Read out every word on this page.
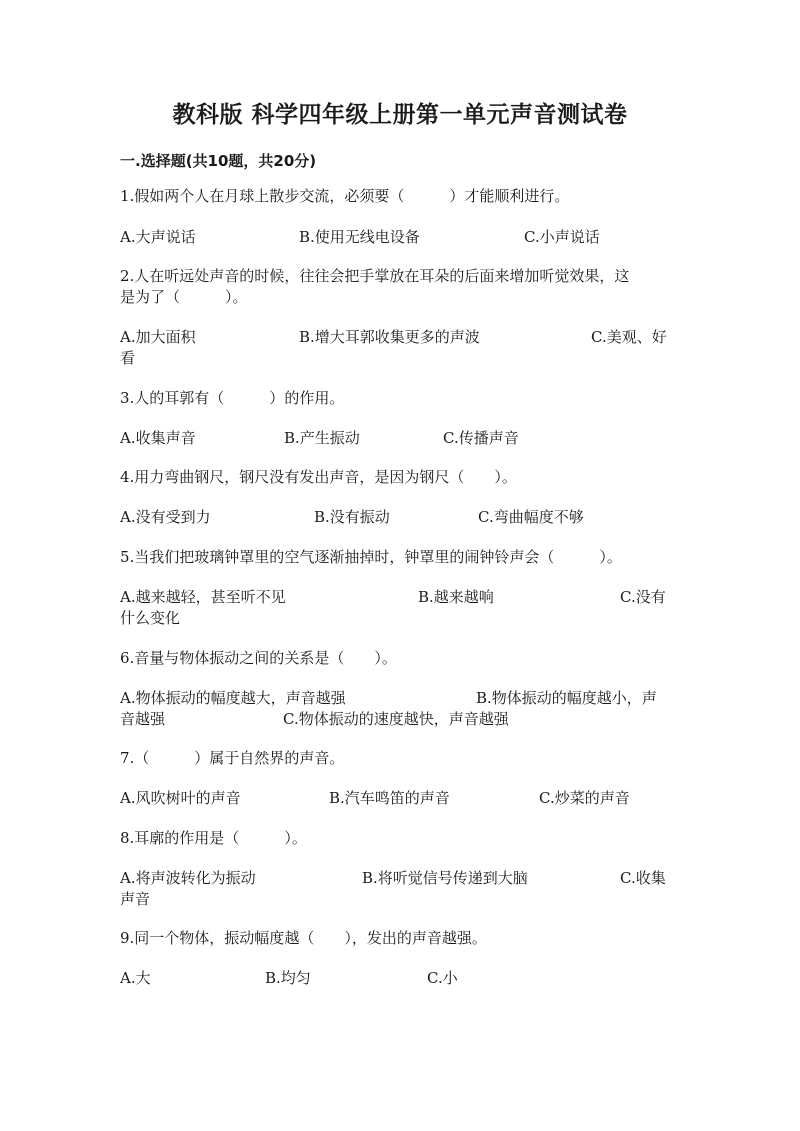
教科版 科学四年级上册第一单元声音测试卷
一.选择题(共10题，共20分)
1.假如两个人在月球上散步交流，必须要（　　　）才能顺利进行。
A.大声说话	B.使用无线电设备	C.小声说话
2.人在听远处声音的时候，往往会把手掌放在耳朵的后面来增加听觉效果，这
是为了（　　　）。
A.加大面积	B.增大耳郭收集更多的声波	C.美观、好
看
3.人的耳郭有（　　　）的作用。
A.收集声音	B.产生振动	C.传播声音
4.用力弯曲钢尺，钢尺没有发出声音，是因为钢尺（　　）。
A.没有受到力	B.没有振动	C.弯曲幅度不够
5.当我们把玻璃钟罩里的空气逐渐抽掉时，钟罩里的闹钟铃声会（　　　）。
A.越来越轻，甚至听不见	B.越来越响	C.没有
什么变化
6.音量与物体振动之间的关系是（　　）。
A.物体振动的幅度越大，声音越强	B.物体振动的幅度越小，声
音越强	C.物体振动的速度越快，声音越强
7.（　　　）属于自然界的声音。
A.风吹树叶的声音	B.汽车鸣笛的声音	C.炒菜的声音
8.耳廓的作用是（　　　）。
A.将声波转化为振动	B.将听觉信号传递到大脑	C.收集
声音
9.同一个物体，振动幅度越（　　），发出的声音越强。
A.大	B.均匀	C.小
